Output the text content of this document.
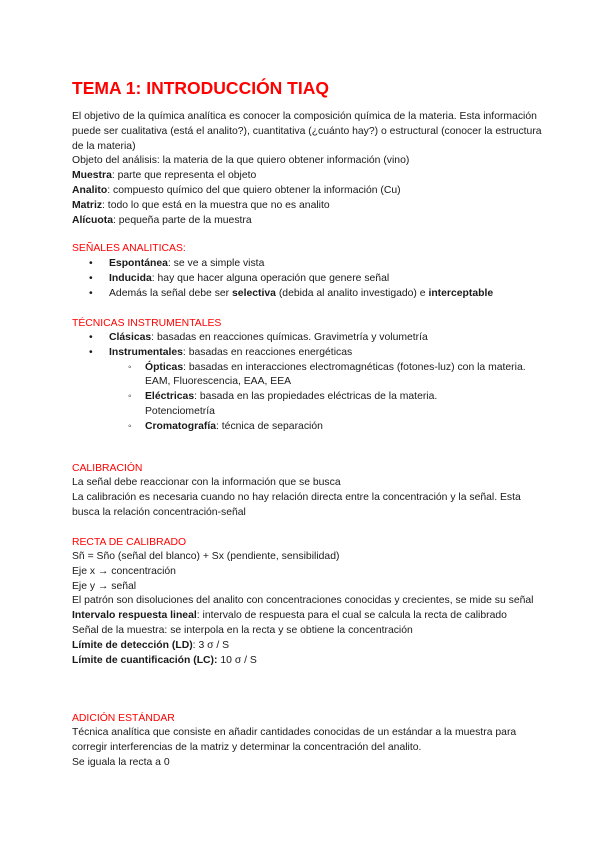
TEMA 1: INTRODUCCIÓN TIAQ

El objetivo de la química analítica es conocer la composición química de la materia. Esta información puede ser cualitativa (está el analito?), cuantitativa (¿cuánto hay?) o estructural (conocer la estructura de la materia)

Objeto del análisis: la materia de la que quiero obtener información (vino)

Muestra: parte que representa el objeto

Analito: compuesto químico del que quiero obtener la información (Cu)

Matriz: todo lo que está en la muestra que no es analito

Alícuota: pequeña parte de la muestra

SEÑALES ANALITICAS:
• Espontánea: se ve a simple vista
• Inducida: hay que hacer alguna operación que genere señal
• Además la señal debe ser selectiva (debida al analito investigado) e interceptable
TÉCNICAS INSTRUMENTALES
• Clásicas: basadas en reacciones químicas. Gravimetría y volumetría
• Instrumentales: basadas en reacciones energéticas
◦ Ópticas: basadas en interacciones electromagnéticas (fotones-luz) con la materia.
EAM, Fluorescencia, EAA, EEA
◦ Eléctricas: basada en las propiedades eléctricas de la materia.
Potenciometría
◦ Cromatografía: técnica de separación
CALIBRACIÓN

La señal debe reaccionar con la información que se busca

La calibración es necesaria cuando no hay relación directa entre la concentración y la señal. Esta busca la relación concentración-señal

RECTA DE CALIBRADO

Sñ = Sño (señal del blanco) + Sx (pendiente, sensibilidad)

Eje x → concentración

Eje y → señal

El patrón son disoluciones del analito con concentraciones conocidas y crecientes, se mide su señal

Intervalo respuesta lineal: intervalo de respuesta para el cual se calcula la recta de calibrado

Señal de la muestra: se interpola en la recta y se obtiene la concentración

Límite de detección (LD): 3 σ / S

Límite de cuantificación (LC): 10 σ / S

ADICIÓN ESTÁNDAR

Técnica analítica que consiste en añadir cantidades conocidas de un estándar a la muestra para corregir interferencias de la matriz y determinar la concentración del analito.

Se iguala la recta a 0
